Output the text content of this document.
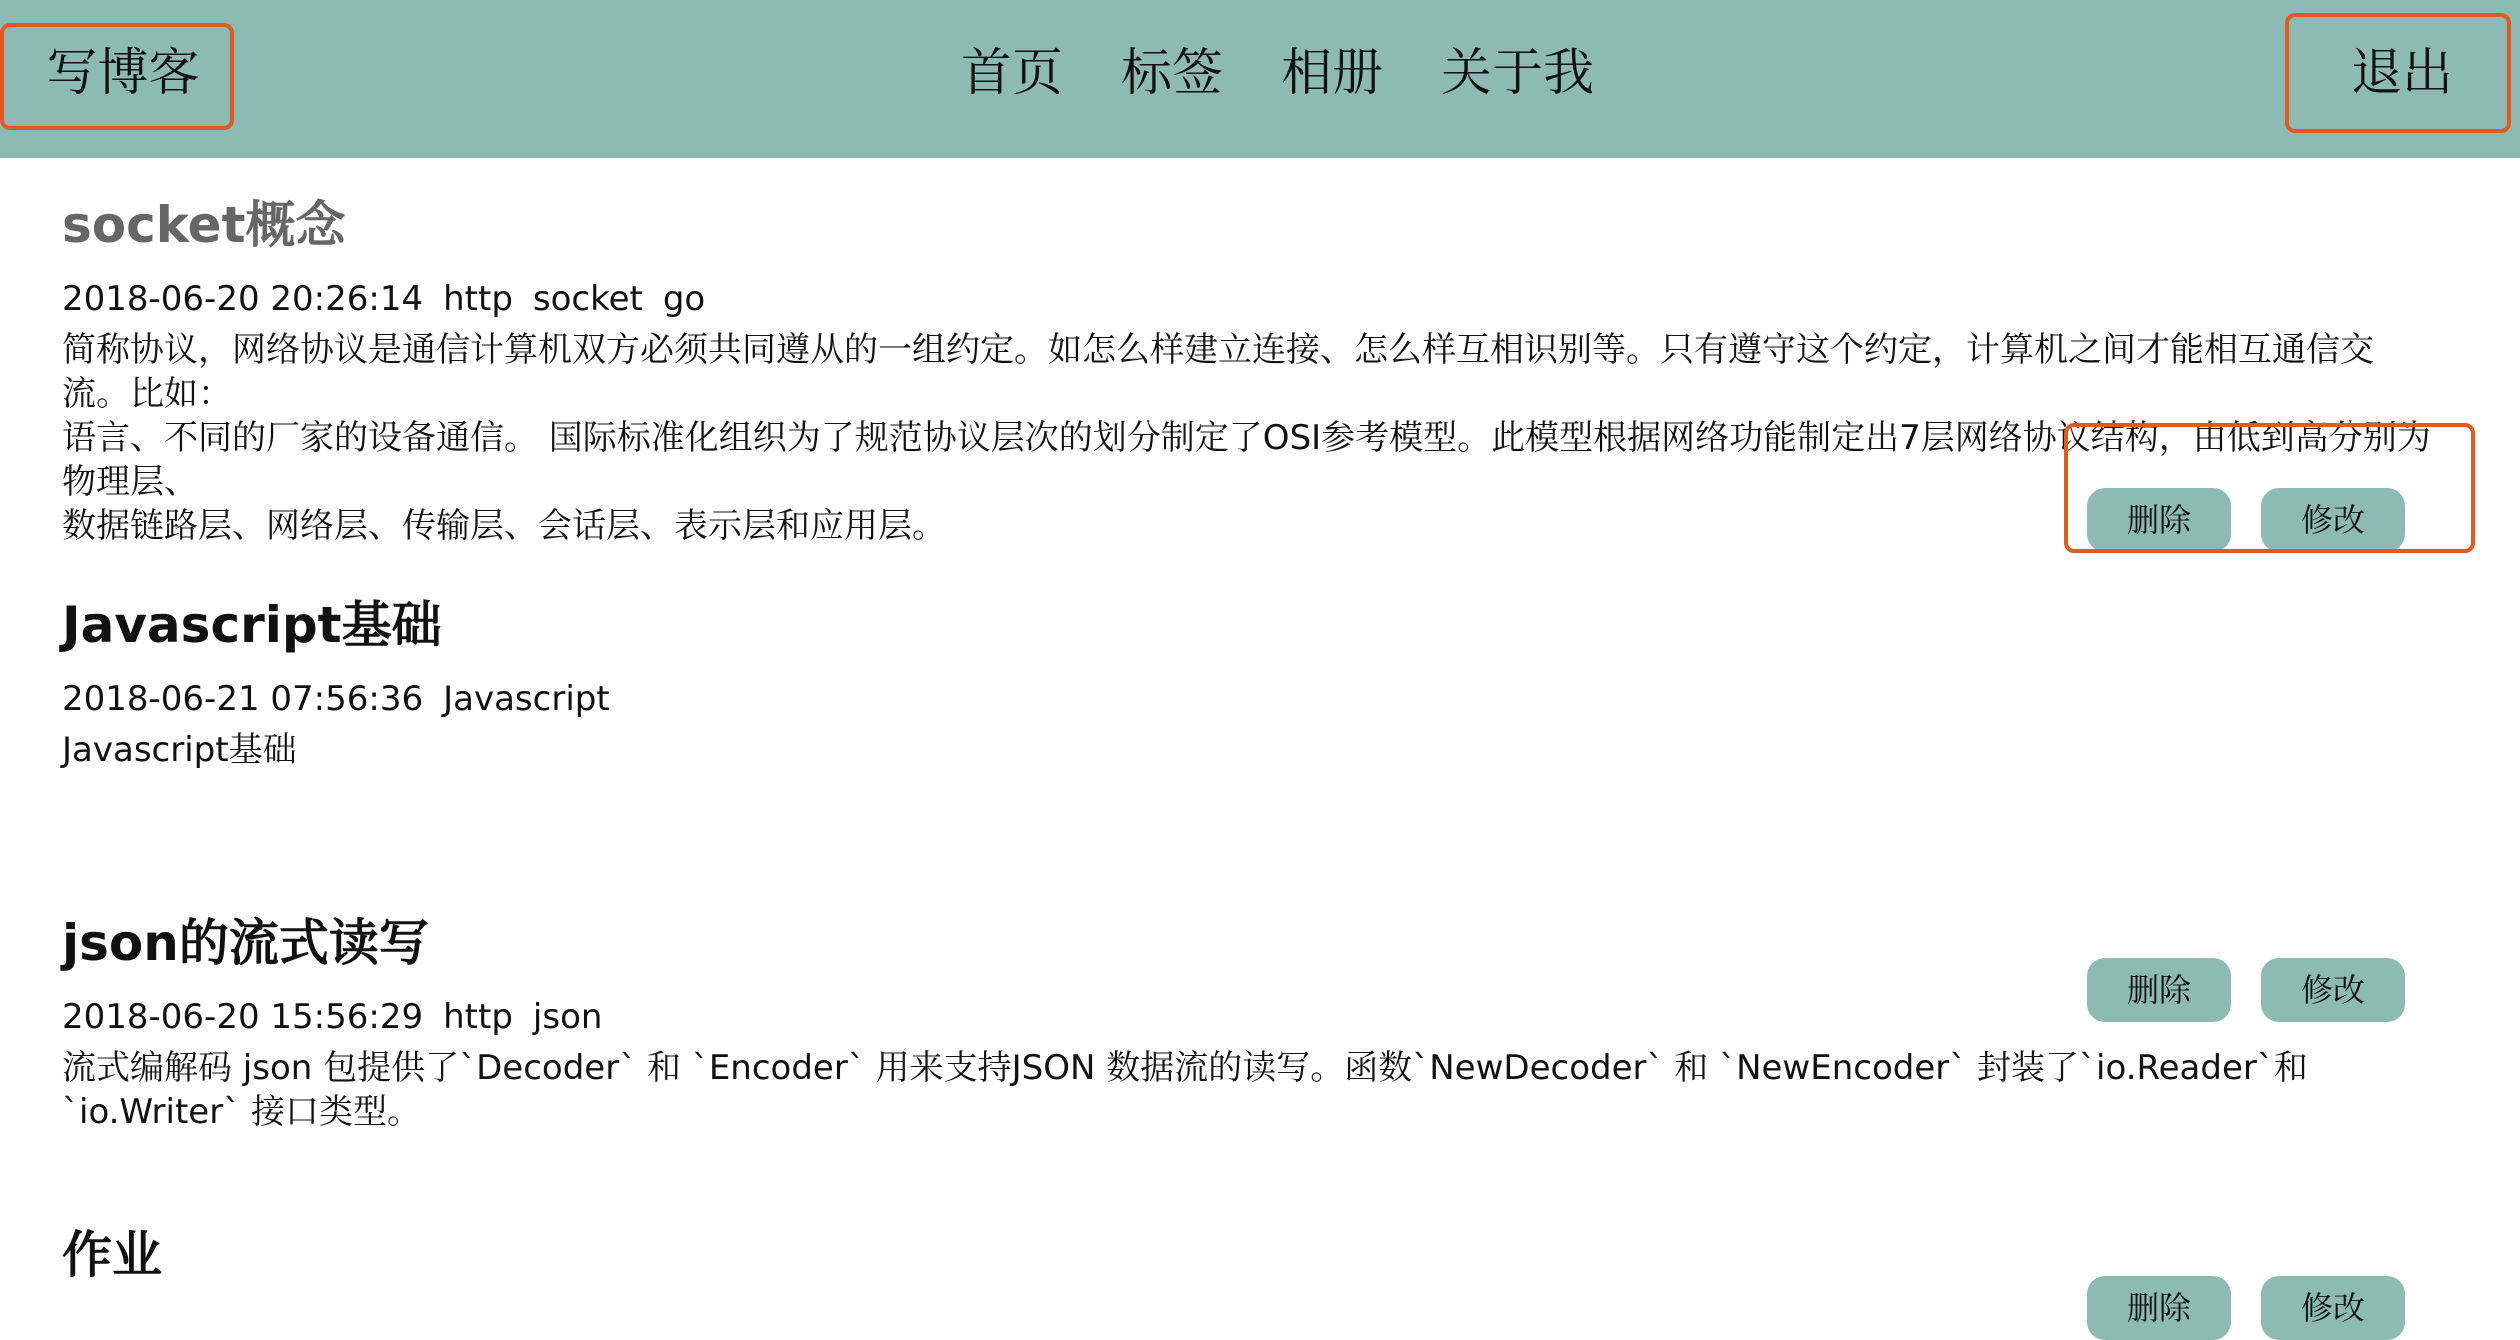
写博客	首页 标签 相册 关于我	退出
socket概念
2018-06-20 20:26:14 http socket go
简称协议，网络协议是通信计算机双方必须共同遵从的一组约定。如怎么样建立连接、怎么样互相识别等。只有遵守这个约定，计算机之间才能相互通信交流。比如：
语言、不同的厂家的设备通信。 国际标准化组织为了规范协议层次的划分制定了OSI参考模型。此模型根据网络功能制定出7层网络协议结构，由低到高分别为物理层、
数据链路层、网络层、传输层、会话层、表示层和应用层。	删除	修改
Javascript基础
2018-06-21 07:56:36 Javascript
Javascript基础
删除	修改
json的流式读写
2018-06-20 15:56:29 http json
流式编解码 json 包提供了`Decoder` 和 `Encoder` 用来支持JSON 数据流的读写。函数`NewDecoder` 和 `NewEncoder` 封装了`io.Reader`和`io.Writer` 接口类型。
删除	修改
作业
